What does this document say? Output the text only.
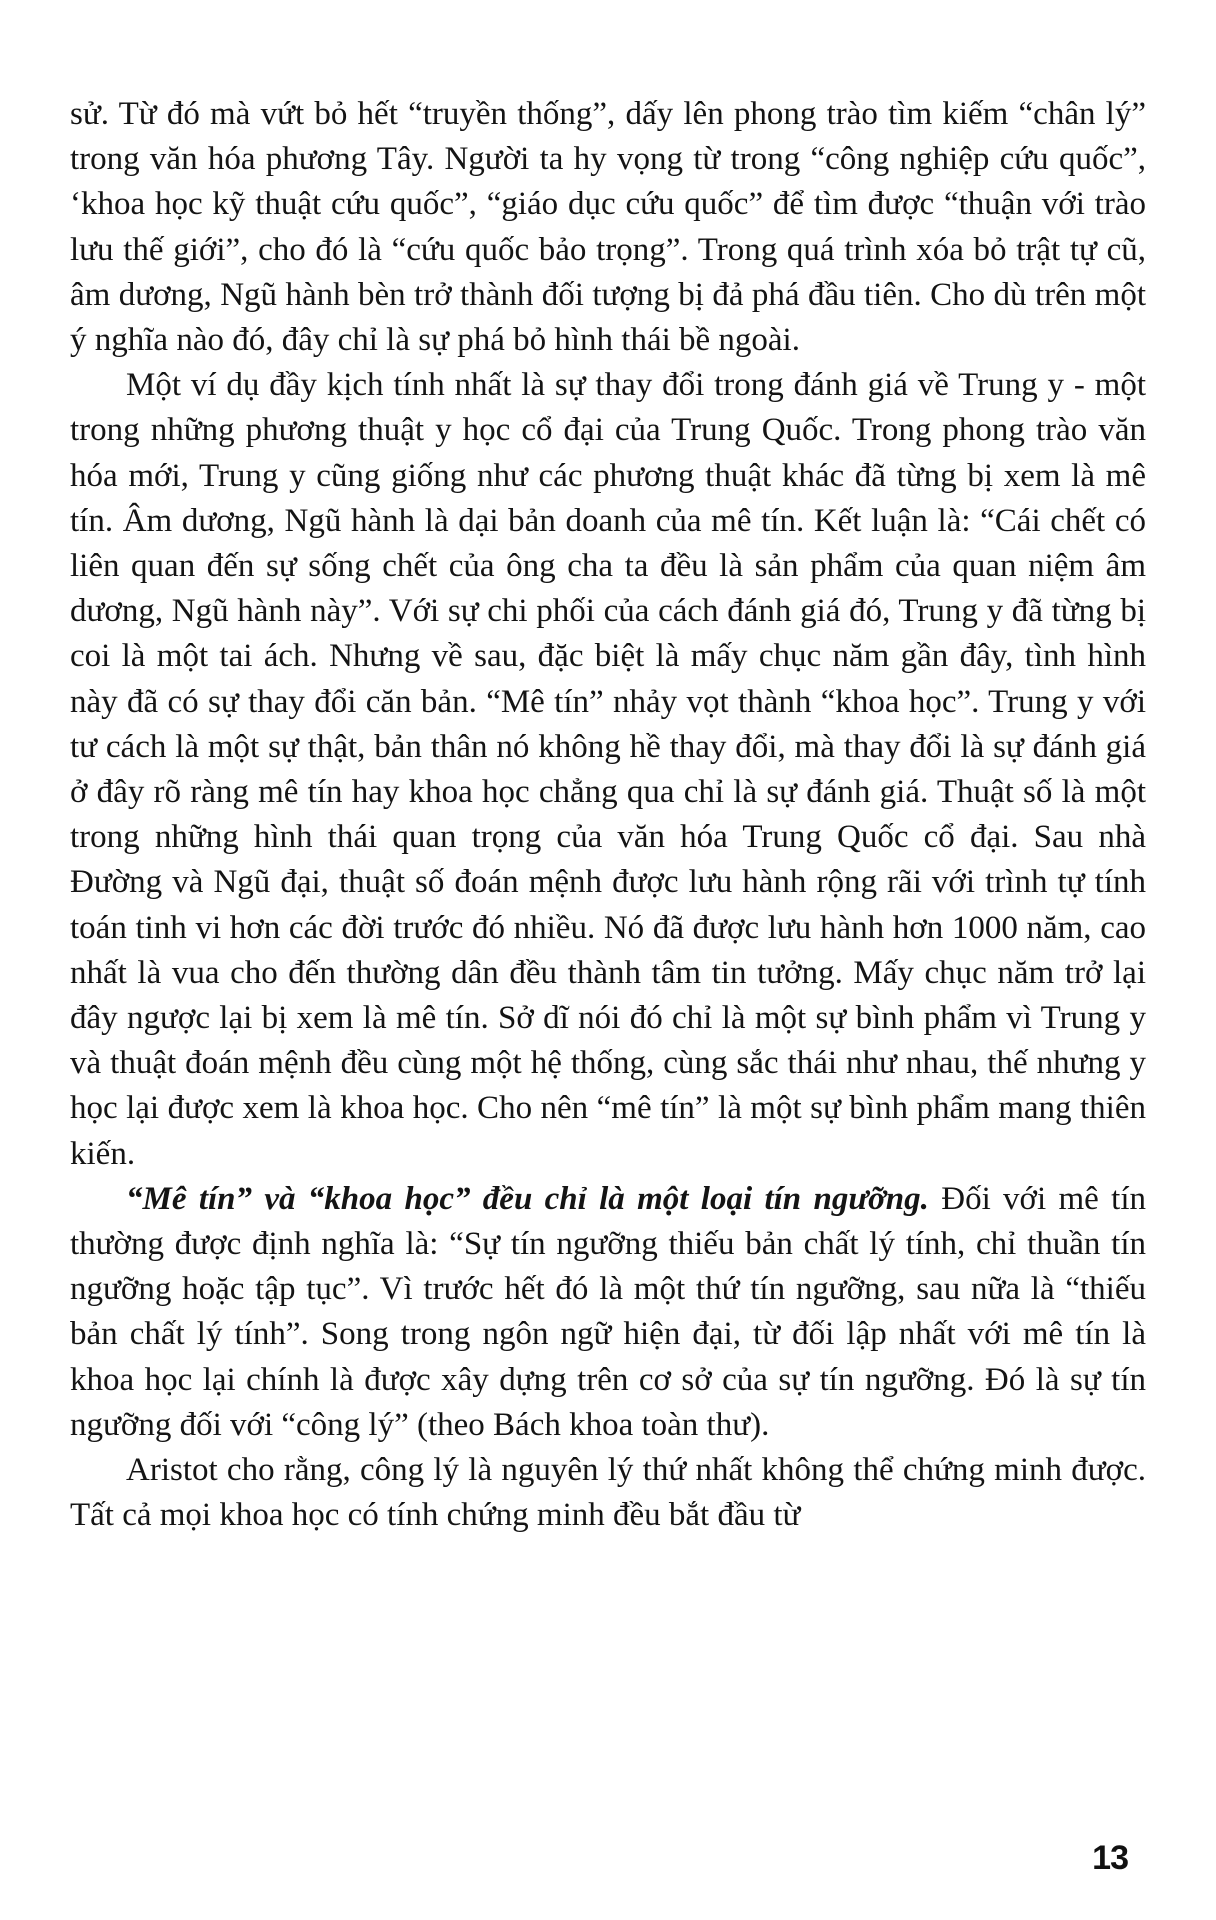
sử. Từ đó mà vứt bỏ hết “truyền thống”, dấy lên phong trào tìm kiếm “chân lý” trong văn hóa phương Tây. Người ta hy vọng từ trong “công nghiệp cứu quốc”, ‘khoa học kỹ thuật cứu quốc”, “giáo dục cứu quốc” để tìm được “thuận với trào lưu thế giới”, cho đó là “cứu quốc bảo trọng”. Trong quá trình xóa bỏ trật tự cũ, âm dương, Ngũ hành bèn trở thành đối tượng bị đả phá đầu tiên. Cho dù trên một ý nghĩa nào đó, đây chỉ là sự phá bỏ hình thái bề ngoài.

Một ví dụ đầy kịch tính nhất là sự thay đổi trong đánh giá về Trung y - một trong những phương thuật y học cổ đại của Trung Quốc. Trong phong trào văn hóa mới, Trung y cũng giống như các phương thuật khác đã từng bị xem là mê tín. Âm dương, Ngũ hành là dại bản doanh của mê tín. Kết luận là: “Cái chết có liên quan đến sự sống chết của ông cha ta đều là sản phẩm của quan niệm âm dương, Ngũ hành này”. Với sự chi phối của cách đánh giá đó, Trung y đã từng bị coi là một tai ách. Nhưng về sau, đặc biệt là mấy chục năm gần đây, tình hình này đã có sự thay đổi căn bản. “Mê tín” nhảy vọt thành “khoa học”. Trung y với tư cách là một sự thật, bản thân nó không hề thay đổi, mà thay đổi là sự đánh giá ở đây rõ ràng mê tín hay khoa học chẳng qua chỉ là sự đánh giá. Thuật số là một trong những hình thái quan trọng của văn hóa Trung Quốc cổ đại. Sau nhà Đường và Ngũ đại, thuật số đoán mệnh được lưu hành rộng rãi với trình tự tính toán tinh vi hơn các đời trước đó nhiều. Nó đã được lưu hành hơn 1000 năm, cao nhất là vua cho đến thường dân đều thành tâm tin tưởng. Mấy chục năm trở lại đây ngược lại bị xem là mê tín. Sở dĩ nói đó chỉ là một sự bình phẩm vì Trung y và thuật đoán mệnh đều cùng một hệ thống, cùng sắc thái như nhau, thế nhưng y học lại được xem là khoa học. Cho nên “mê tín” là một sự bình phẩm mang thiên kiến.

“Mê tín” và “khoa học” đều chỉ là một loại tín ngưỡng. Đối với mê tín thường được định nghĩa là: “Sự tín ngưỡng thiếu bản chất lý tính, chỉ thuần tín ngưỡng hoặc tập tục”. Vì trước hết đó là một thứ tín ngưỡng, sau nữa là “thiếu bản chất lý tính”. Song trong ngôn ngữ hiện đại, từ đối lập nhất với mê tín là khoa học lại chính là được xây dựng trên cơ sở của sự tín ngưỡng. Đó là sự tín ngưỡng đối với “công lý” (theo Bách khoa toàn thư).

Aristot cho rằng, công lý là nguyên lý thứ nhất không thể chứng minh được. Tất cả mọi khoa học có tính chứng minh đều bắt đầu từ

13
